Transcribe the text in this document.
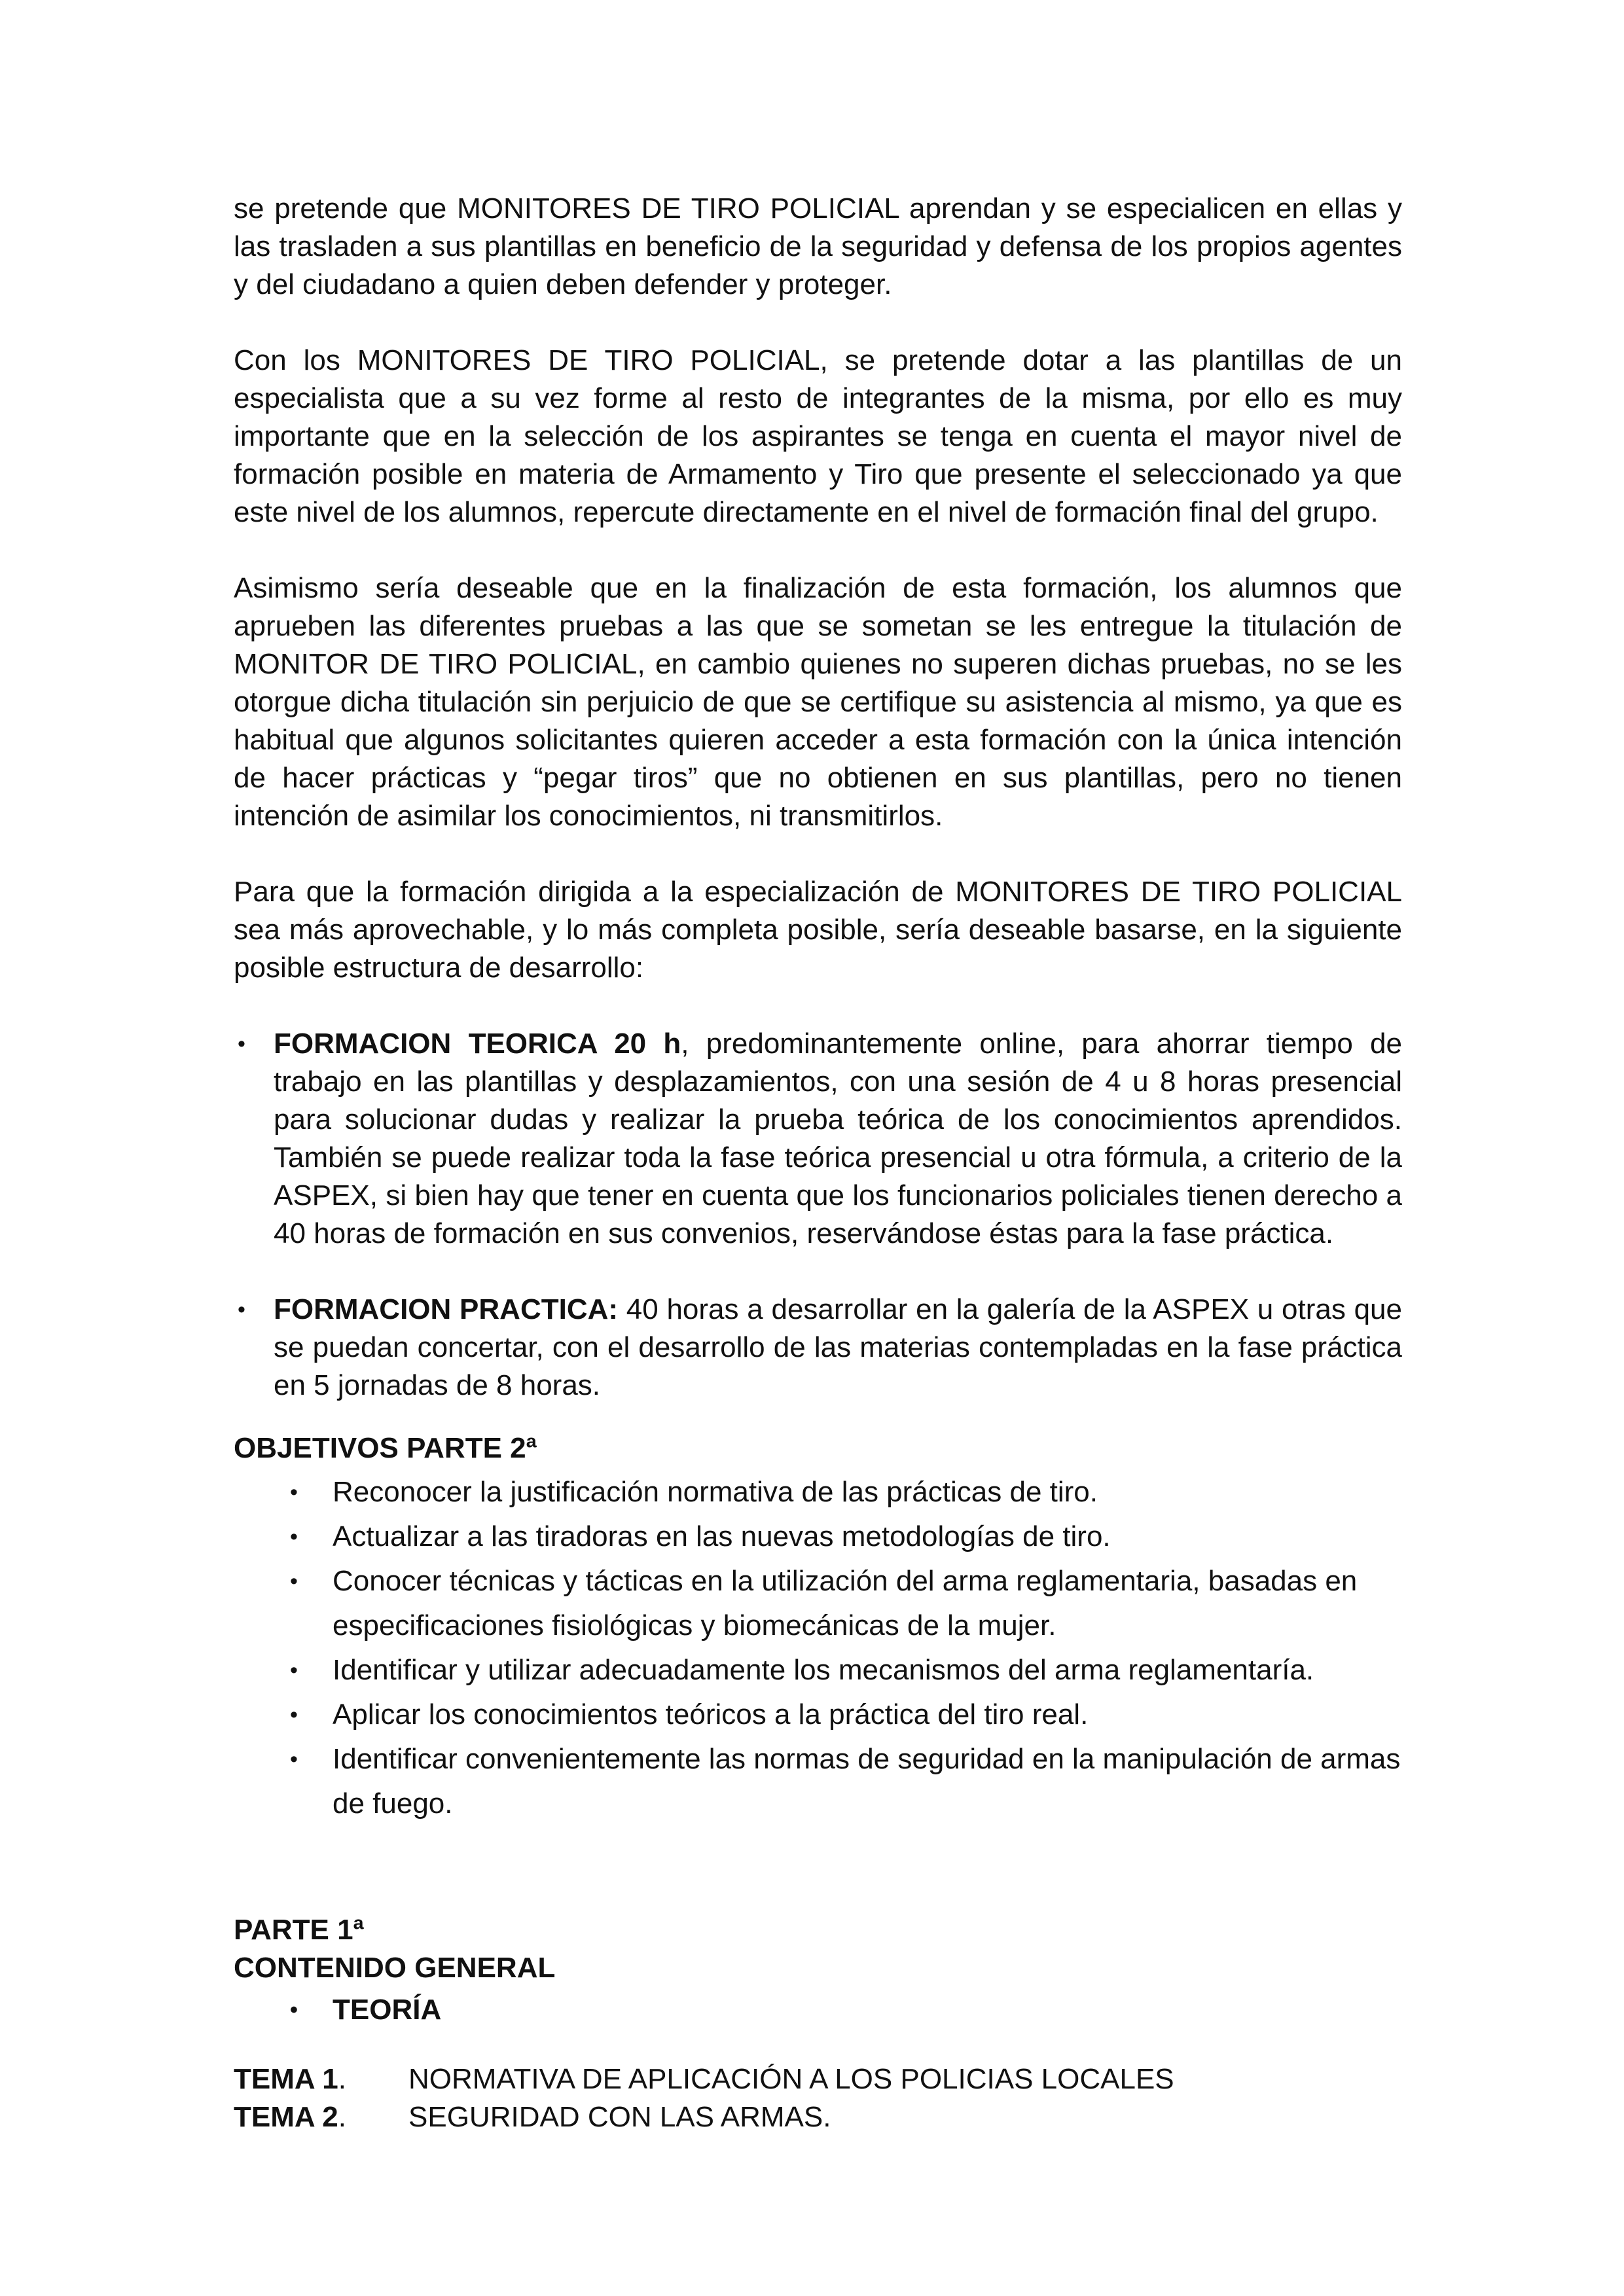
se pretende que MONITORES DE TIRO POLICIAL aprendan y se especialicen en ellas y las trasladen a sus plantillas en beneficio de la seguridad y defensa de los propios agentes y del ciudadano a quien deben defender y proteger.

Con los MONITORES DE TIRO POLICIAL, se pretende dotar a las plantillas de un especialista que a su vez forme al resto de integrantes de la misma, por ello es muy importante que en la selección de los aspirantes se tenga en cuenta el mayor nivel de formación posible en materia de Armamento y Tiro que presente el seleccionado ya que este nivel de los alumnos, repercute directamente en el nivel de formación final del grupo.

Asimismo sería deseable que en la finalización de esta formación, los alumnos que aprueben las diferentes pruebas a las que se sometan se les entregue la titulación de MONITOR DE TIRO POLICIAL, en cambio quienes no superen dichas pruebas, no se les otorgue dicha titulación sin perjuicio de que se certifique su asistencia al mismo, ya que es habitual que algunos solicitantes quieren acceder a esta formación con la única intención de hacer prácticas y “pegar tiros” que no obtienen en sus plantillas, pero no tienen intención de asimilar los conocimientos, ni transmitirlos.

Para que la formación dirigida a la especialización de MONITORES DE TIRO POLICIAL sea más aprovechable, y lo más completa posible, sería deseable basarse, en la siguiente posible estructura de desarrollo:

• FORMACION TEORICA 20 h, predominantemente online, para ahorrar tiempo de trabajo en las plantillas y desplazamientos, con una sesión de 4 u 8 horas presencial para solucionar dudas y realizar la prueba teórica de los conocimientos aprendidos. También se puede realizar toda la fase teórica presencial u otra fórmula, a criterio de la ASPEX, si bien hay que tener en cuenta que los funcionarios policiales tienen derecho a 40 horas de formación en sus convenios, reservándose éstas para la fase práctica.
• FORMACION PRACTICA: 40 horas a desarrollar en la galería de la ASPEX u otras que se puedan concertar, con el desarrollo de las materias contempladas en la fase práctica en 5 jornadas de 8 horas.

OBJETIVOS PARTE 2ª

• Reconocer la justificación normativa de las prácticas de tiro.
• Actualizar a las tiradoras en las nuevas metodologías de tiro.
• Conocer técnicas y tácticas en la utilización del arma reglamentaria, basadas en especificaciones fisiológicas y biomecánicas de la mujer.
• Identificar y utilizar adecuadamente los mecanismos del arma reglamentaría.
• Aplicar los conocimientos teóricos a la práctica del tiro real.
• Identificar convenientemente las normas de seguridad en la manipulación de armas de fuego.

PARTE 1ª

CONTENIDO GENERAL

• TEORÍA
TEMA 1.	NORMATIVA DE APLICACIÓN A LOS POLICIAS LOCALES
TEMA 2.	SEGURIDAD CON LAS ARMAS.
